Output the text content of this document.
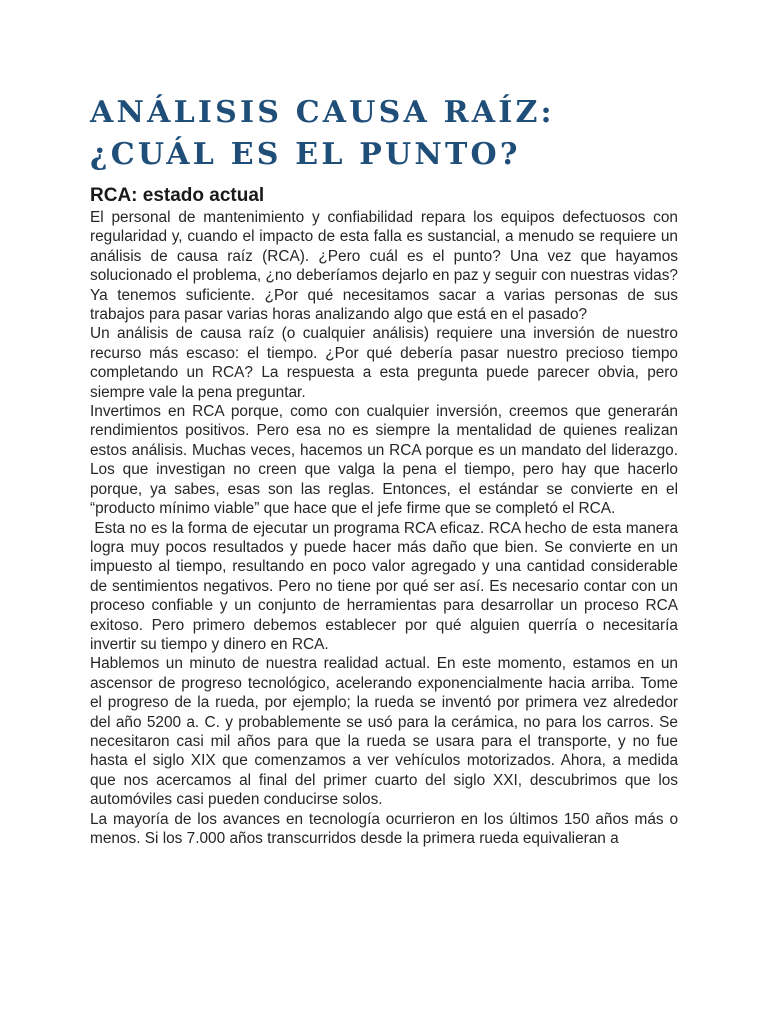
ANÁLISIS CAUSA RAÍZ: ¿CUÁL ES EL PUNTO?
RCA: estado actual

El personal de mantenimiento y confiabilidad repara los equipos defectuosos con regularidad y, cuando el impacto de esta falla es sustancial, a menudo se requiere un análisis de causa raíz (RCA). ¿Pero cuál es el punto? Una vez que hayamos solucionado el problema, ¿no deberíamos dejarlo en paz y seguir con nuestras vidas? Ya tenemos suficiente. ¿Por qué necesitamos sacar a varias personas de sus trabajos para pasar varias horas analizando algo que está en el pasado?

Un análisis de causa raíz (o cualquier análisis) requiere una inversión de nuestro recurso más escaso: el tiempo. ¿Por qué debería pasar nuestro precioso tiempo completando un RCA? La respuesta a esta pregunta puede parecer obvia, pero siempre vale la pena preguntar.

Invertimos en RCA porque, como con cualquier inversión, creemos que generarán rendimientos positivos. Pero esa no es siempre la mentalidad de quienes realizan estos análisis. Muchas veces, hacemos un RCA porque es un mandato del liderazgo. Los que investigan no creen que valga la pena el tiempo, pero hay que hacerlo porque, ya sabes, esas son las reglas. Entonces, el estándar se convierte en el “producto mínimo viable” que hace que el jefe firme que se completó el RCA.

Esta no es la forma de ejecutar un programa RCA eficaz. RCA hecho de esta manera logra muy pocos resultados y puede hacer más daño que bien. Se convierte en un impuesto al tiempo, resultando en poco valor agregado y una cantidad considerable de sentimientos negativos. Pero no tiene por qué ser así. Es necesario contar con un proceso confiable y un conjunto de herramientas para desarrollar un proceso RCA exitoso. Pero primero debemos establecer por qué alguien querría o necesitaría invertir su tiempo y dinero en RCA.

Hablemos un minuto de nuestra realidad actual. En este momento, estamos en un ascensor de progreso tecnológico, acelerando exponencialmente hacia arriba. Tome el progreso de la rueda, por ejemplo; la rueda se inventó por primera vez alrededor del año 5200 a. C. y probablemente se usó para la cerámica, no para los carros. Se necesitaron casi mil años para que la rueda se usara para el transporte, y no fue hasta el siglo XIX que comenzamos a ver vehículos motorizados. Ahora, a medida que nos acercamos al final del primer cuarto del siglo XXI, descubrimos que los automóviles casi pueden conducirse solos.

La mayoría de los avances en tecnología ocurrieron en los últimos 150 años más o menos. Si los 7.000 años transcurridos desde la primera rueda equivalieran a
